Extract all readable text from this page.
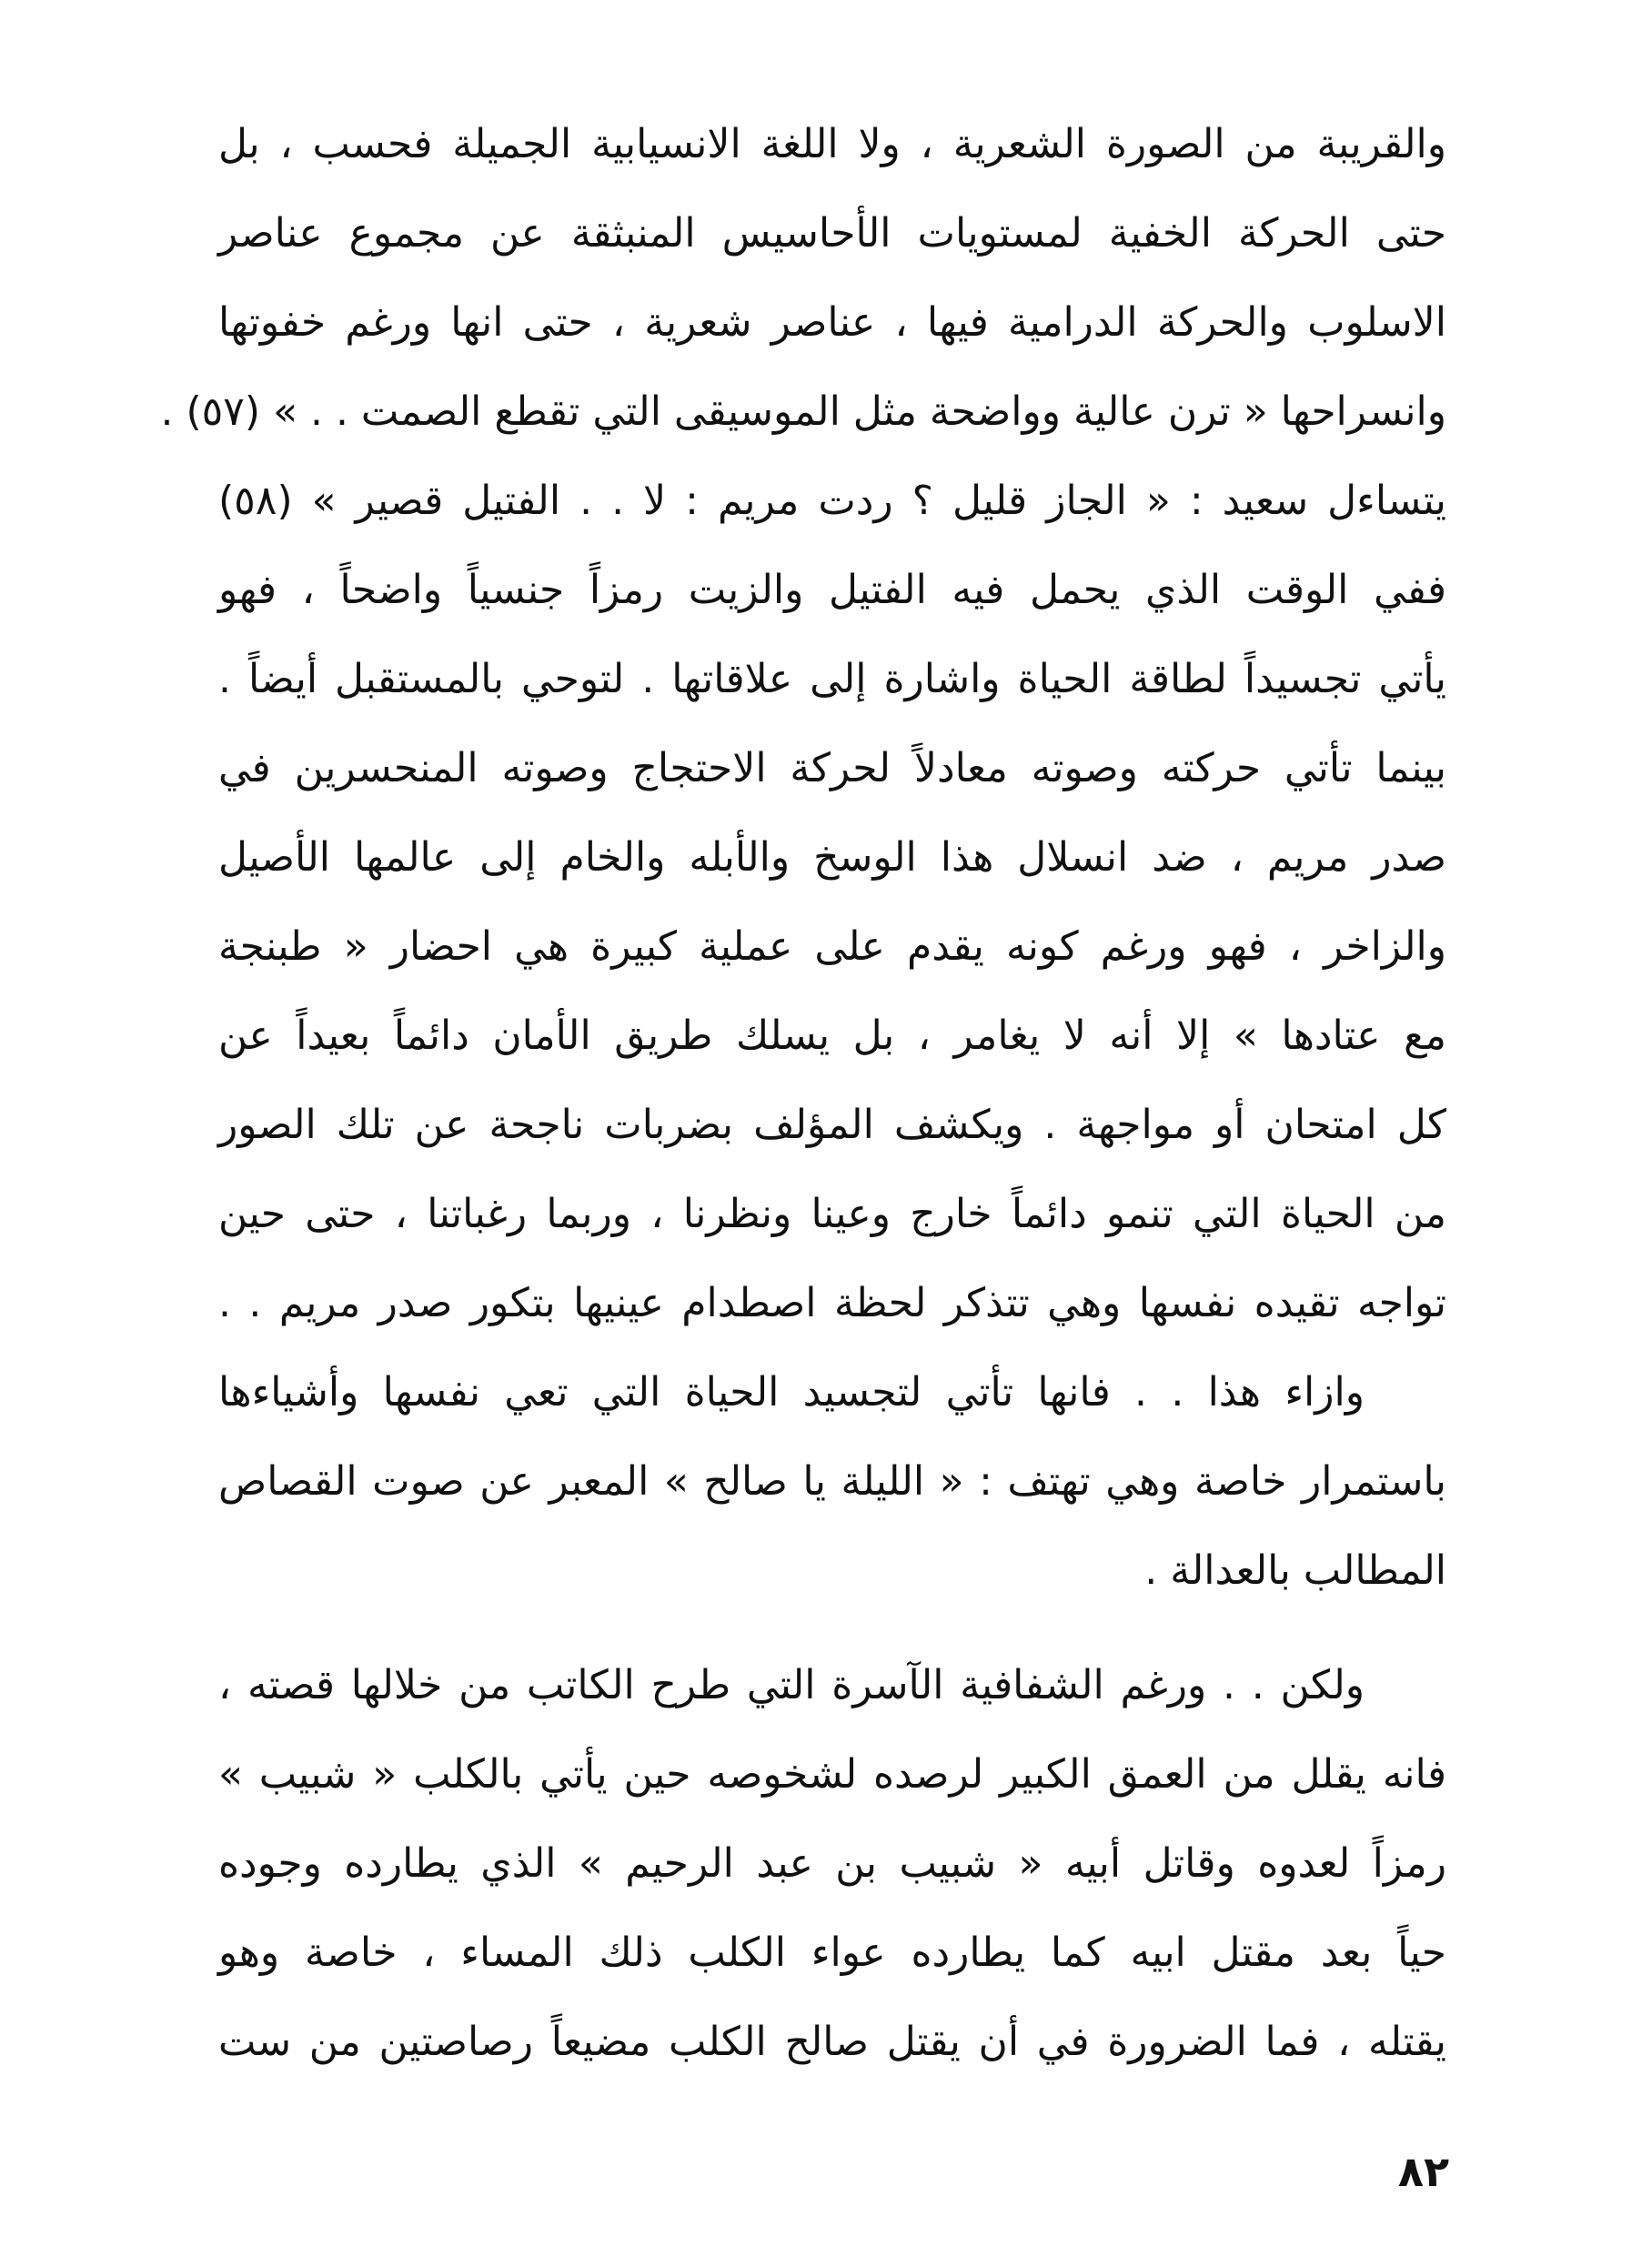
والقريبة من الصورة الشعرية ، ولا اللغة الانسيابية الجميلة فحسب ، بل
حتى الحركة الخفية لمستويات الأحاسيس المنبثقة عن مجموع عناصر
الاسلوب والحركة الدرامية فيها ، عناصر شعرية ، حتى انها ورغم خفوتها
وانسراحها « ترن عالية وواضحة مثل الموسيقى التي تقطع الصمت . . » (٥٧) .
يتساءل سعيد : « الجاز قليل ؟ ردت مريم : لا . . الفتيل قصير » (٥٨)
ففي الوقت الذي يحمل فيه الفتيل والزيت رمزاً جنسياً واضحاً ، فهو
يأتي تجسيداً لطاقة الحياة واشارة إلى علاقاتها . لتوحي بالمستقبل أيضاً .
بينما تأتي حركته وصوته معادلاً لحركة الاحتجاج وصوته المنحسرين في
صدر مريم ، ضد انسلال هذا الوسخ والأبله والخام إلى عالمها الأصيل
والزاخر ، فهو ورغم كونه يقدم على عملية كبيرة هي احضار « طبنجة
مع عتادها » إلا أنه لا يغامر ، بل يسلك طريق الأمان دائماً بعيداً عن
كل امتحان أو مواجهة . ويكشف المؤلف بضربات ناجحة عن تلك الصور
من الحياة التي تنمو دائماً خارج وعينا ونظرنا ، وربما رغباتنا ، حتى حين
تواجه تقيده نفسها وهي تتذكر لحظة اصطدام عينيها بتكور صدر مريم . .
وازاء هذا . . فانها تأتي لتجسيد الحياة التي تعي نفسها وأشياءها
باستمرار خاصة وهي تهتف : « الليلة يا صالح » المعبر عن صوت القصاص
المطالب بالعدالة .
ولكن . . ورغم الشفافية الآسرة التي طرح الكاتب من خلالها قصته ،
فانه يقلل من العمق الكبير لرصده لشخوصه حين يأتي بالكلب « شبيب »
رمزاً لعدوه وقاتل أبيه « شبيب بن عبد الرحيم » الذي يطارده وجوده
حياً بعد مقتل ابيه كما يطارده عواء الكلب ذلك المساء ، خاصة وهو
يقتله ، فما الضرورة في أن يقتل صالح الكلب مضيعاً رصاصتين من ست
٨٢
